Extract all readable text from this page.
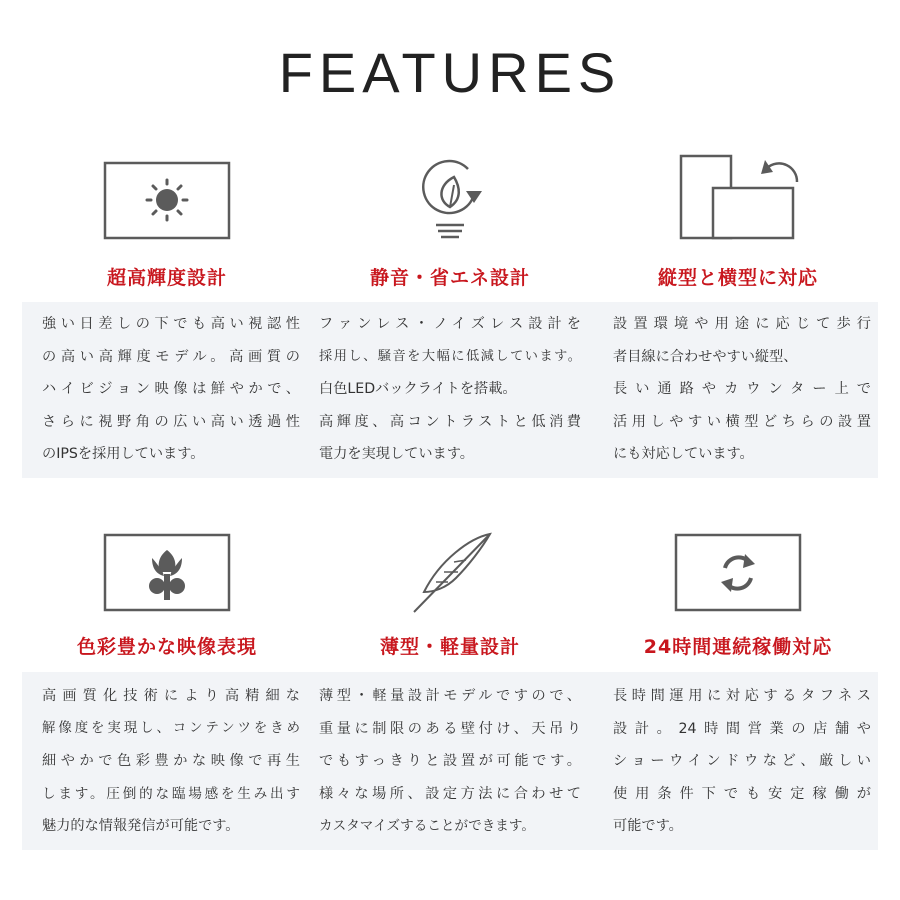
FEATURES
超高輝度設計
強い日差しの下でも高い視認性
の高い高輝度モデル。高画質の
ハイビジョン映像は鮮やかで、
さらに視野角の広い高い透過性
のIPSを採用しています。
静音・省エネ設計
ファンレス・ノイズレス設計を
採用し、騒音を大幅に低減しています。
白色LEDバックライトを搭載。
高輝度、高コントラストと低消費
電力を実現しています。
縦型と横型に対応
設置環境や用途に応じて歩行
者目線に合わせやすい縦型、
長い通路やカウンター上で
活用しやすい横型どちらの設置
にも対応しています。
色彩豊かな映像表現
高画質化技術により高精細な
解像度を実現し、コンテンツをきめ
細やかで色彩豊かな映像で再生
します。圧倒的な臨場感を生み出す
魅力的な情報発信が可能です。
薄型・軽量設計
薄型・軽量設計モデルですので、
重量に制限のある壁付け、天吊り
でもすっきりと設置が可能です。
様々な場所、設定方法に合わせて
カスタマイズすることができます。
24時間連続稼働対応
長時間運用に対応するタフネス
設計。24時間営業の店舗や
ショーウインドウなど、厳しい
使用条件下でも安定稼働が
可能です。
